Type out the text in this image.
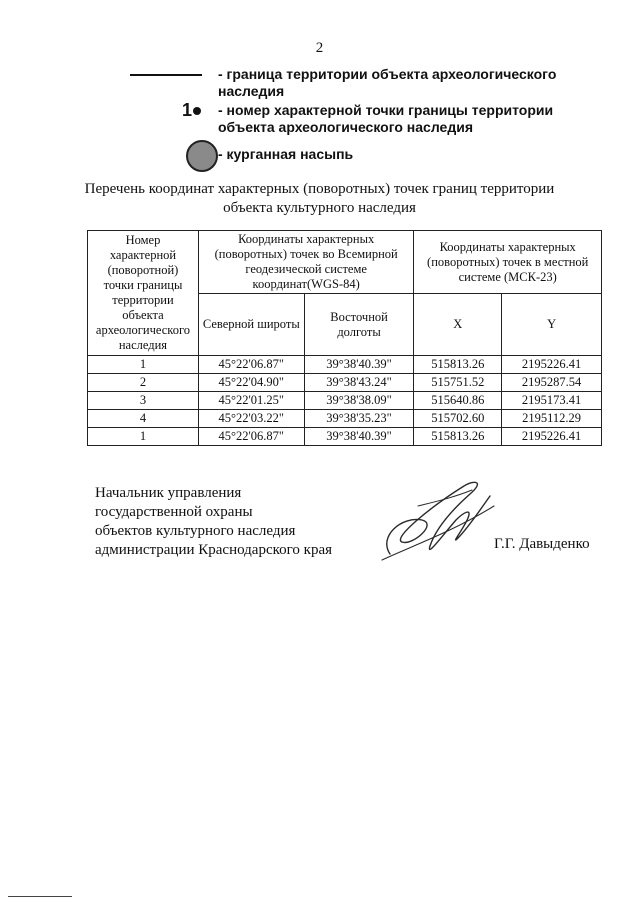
2
- граница территории объекта археологического наследия
1	- номер характерной точки границы территории объекта археологического наследия
- курганная насыпь
Перечень координат характерных (поворотных) точек границ территории объекта культурного наследия
Номер характерной (поворотной) точки границы территории объекта археологического наследия	Координаты характерных (поворотных) точек во Всемирной геодезической системе координат(WGS-84)		Координаты характерных (поворотных) точек в местной системе (МСК-23)	
	Северной широты	Восточной долготы	X	Y
1	45°22'06.87"	39°38'40.39"	515813.26	2195226.41
2	45°22'04.90"	39°38'43.24"	515751.52	2195287.54
3	45°22'01.25"	39°38'38.09"	515640.86	2195173.41
4	45°22'03.22"	39°38'35.23"	515702.60	2195112.29
1	45°22'06.87"	39°38'40.39"	515813.26	2195226.41
Начальник управления
государственной охраны
объектов культурного наследия
администрации Краснодарского края	Г.Г. Давыденко
